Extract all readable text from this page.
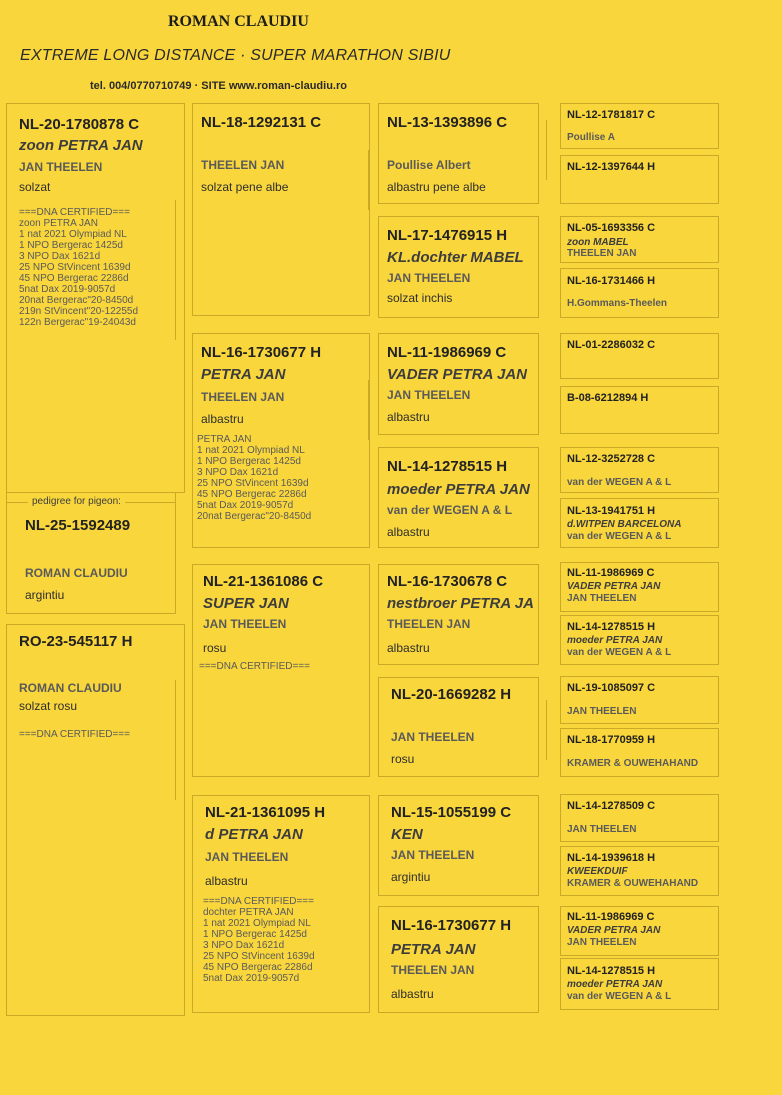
ROMAN CLAUDIU
EXTREME LONG DISTANCE · SUPER MARATHON SIBIU
tel. 004/0770710749 · SITE www.roman-claudiu.ro
NL-20-1780878 C
zoon PETRA JAN
JAN THEELEN
solzat
===DNA CERTIFIED===
zoon PETRA JAN
1 nat 2021 Olympiad NL
1 NPO Bergerac 1425d
3 NPO Dax 1621d
25 NPO StVincent 1639d
45 NPO Bergerac 2286d
5nat Dax 2019-9057d
20nat Bergerac"20-8450d
219n StVincent"20-12255d
122n Bergerac"19-24043d
pedigree for pigeon:
NL-25-1592489
ROMAN CLAUDIU
argintiu
RO-23-545117 H
ROMAN CLAUDIU
solzat rosu
===DNA CERTIFIED===
NL-18-1292131 C
THEELEN JAN
solzat pene albe
NL-16-1730677 H
PETRA JAN
THEELEN JAN
albastru
PETRA JAN
1 nat 2021 Olympiad NL
1 NPO Bergerac 1425d
3 NPO Dax 1621d
25 NPO StVincent 1639d
45 NPO Bergerac 2286d
5nat Dax 2019-9057d
20nat Bergerac"20-8450d
NL-21-1361086 C
SUPER JAN
JAN THEELEN
rosu
===DNA CERTIFIED===
NL-21-1361095 H
d PETRA JAN
JAN THEELEN
albastru
===DNA CERTIFIED===
dochter PETRA JAN
1 nat 2021 Olympiad NL
1 NPO Bergerac 1425d
3 NPO Dax 1621d
25 NPO StVincent 1639d
45 NPO Bergerac 2286d
5nat Dax 2019-9057d
NL-13-1393896 C
Poullise Albert
albastru pene albe
NL-17-1476915 H
KL.dochter MABEL
JAN THEELEN
solzat inchis
NL-11-1986969 C
VADER PETRA JAN
JAN THEELEN
albastru
NL-14-1278515 H
moeder PETRA JAN
van der WEGEN A & L
albastru
NL-16-1730678 C
nestbroer PETRA JA
THEELEN JAN
albastru
NL-20-1669282 H
JAN THEELEN
rosu
NL-15-1055199 C
KEN
JAN THEELEN
argintiu
NL-16-1730677 H
PETRA JAN
THEELEN JAN
albastru
NL-12-1781817 C
Poullise A
NL-12-1397644 H
NL-05-1693356 C
zoon MABEL
THEELEN JAN
NL-16-1731466 H
H.Gommans-Theelen
NL-01-2286032 C
B-08-6212894 H
NL-12-3252728 C
van der WEGEN A & L
NL-13-1941751 H
d.WITPEN BARCELONA
van der WEGEN A & L
NL-11-1986969 C
VADER PETRA JAN
JAN THEELEN
NL-14-1278515 H
moeder PETRA JAN
van der WEGEN A & L
NL-19-1085097 C
JAN THEELEN
NL-18-1770959 H
KRAMER & OUWEHAHAND
NL-14-1278509 C
JAN THEELEN
NL-14-1939618 H
KWEEKDUIF
KRAMER & OUWEHAHAND
NL-11-1986969 C
VADER PETRA JAN
JAN THEELEN
NL-14-1278515 H
moeder PETRA JAN
van der WEGEN A & L
